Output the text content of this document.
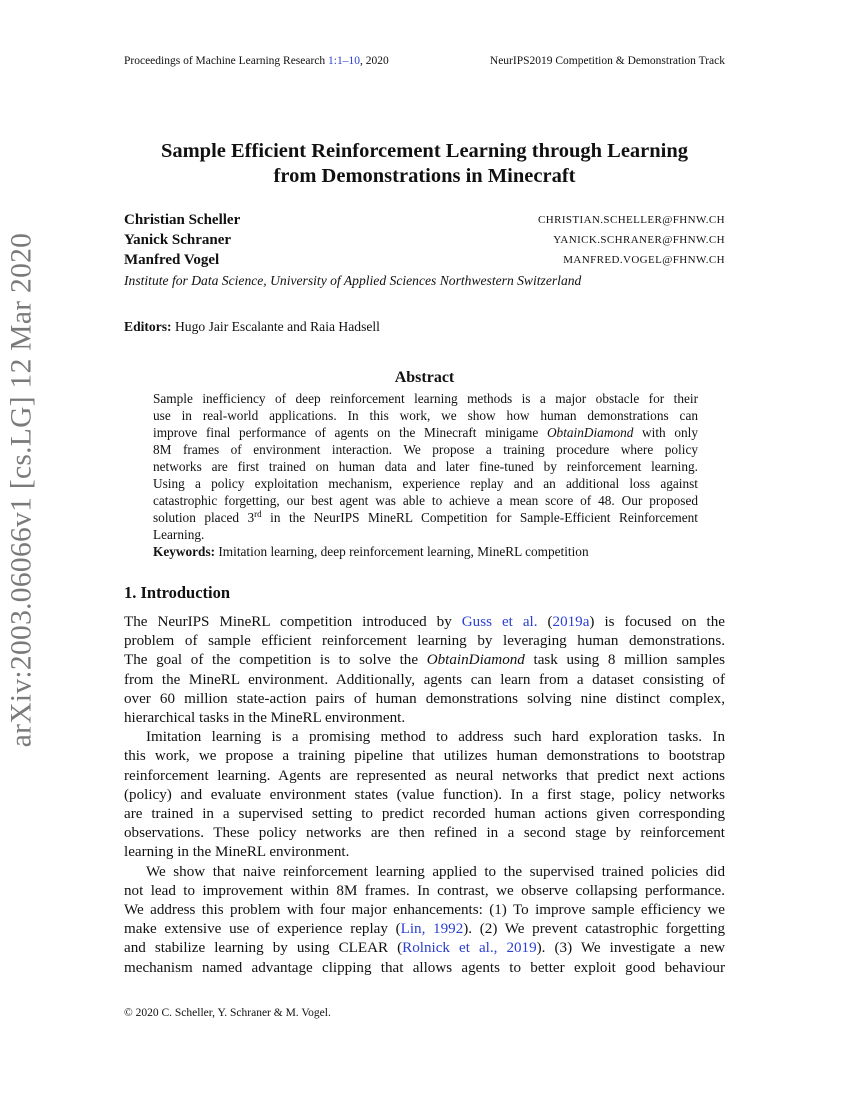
Proceedings of Machine Learning Research 1:1–10, 2020	NeurIPS2019 Competition & Demonstration Track
arXiv:2003.06066v1 [cs.LG] 12 Mar 2020
Sample Efficient Reinforcement Learning through Learning
from Demonstrations in Minecraft
Christian Scheller	CHRISTIAN.SCHELLER@FHNW.CH
Yanick Schraner	YANICK.SCHRANER@FHNW.CH
Manfred Vogel	MANFRED.VOGEL@FHNW.CH
Institute for Data Science, University of Applied Sciences Northwestern Switzerland
Editors: Hugo Jair Escalante and Raia Hadsell
Abstract
Sample inefficiency of deep reinforcement learning methods is a major obstacle for their
use in real-world applications. In this work, we show how human demonstrations can
improve final performance of agents on the Minecraft minigame ObtainDiamond with only
8M frames of environment interaction. We propose a training procedure where policy
networks are first trained on human data and later fine-tuned by reinforcement learning.
Using a policy exploitation mechanism, experience replay and an additional loss against
catastrophic forgetting, our best agent was able to achieve a mean score of 48. Our proposed
solution placed 3rd in the NeurIPS MineRL Competition for Sample-Efficient Reinforcement
Learning.
Keywords: Imitation learning, deep reinforcement learning, MineRL competition
1. Introduction
The NeurIPS MineRL competition introduced by Guss et al. (2019a) is focused on the
problem of sample efficient reinforcement learning by leveraging human demonstrations.
The goal of the competition is to solve the ObtainDiamond task using 8 million samples
from the MineRL environment. Additionally, agents can learn from a dataset consisting of
over 60 million state-action pairs of human demonstrations solving nine distinct complex,
hierarchical tasks in the MineRL environment.
Imitation learning is a promising method to address such hard exploration tasks. In
this work, we propose a training pipeline that utilizes human demonstrations to bootstrap
reinforcement learning. Agents are represented as neural networks that predict next actions
(policy) and evaluate environment states (value function). In a first stage, policy networks
are trained in a supervised setting to predict recorded human actions given corresponding
observations. These policy networks are then refined in a second stage by reinforcement
learning in the MineRL environment.
We show that naive reinforcement learning applied to the supervised trained policies did
not lead to improvement within 8M frames. In contrast, we observe collapsing performance.
We address this problem with four major enhancements: (1) To improve sample efficiency we
make extensive use of experience replay (Lin, 1992). (2) We prevent catastrophic forgetting
and stabilize learning by using CLEAR (Rolnick et al., 2019). (3) We investigate a new
mechanism named advantage clipping that allows agents to better exploit good behaviour
© 2020 C. Scheller, Y. Schraner & M. Vogel.
